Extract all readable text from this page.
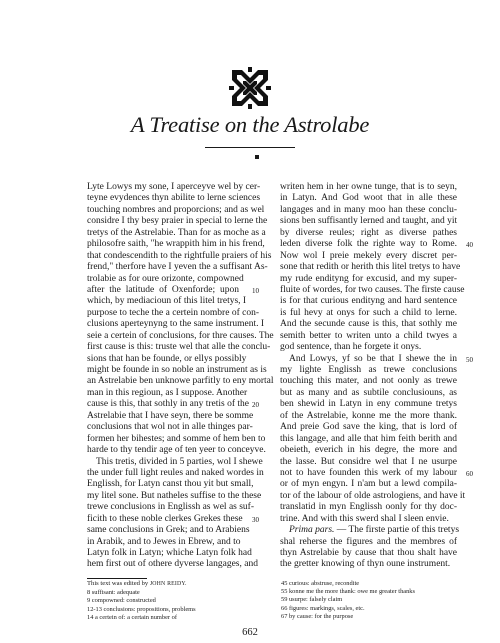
A Treatise on the Astrolabe
Lyte Lowys my sone, I aperceyve wel by cer-
teyne evydences thyn abilite to lerne sciences
touching nombres and proporcions; and as wel
considre I thy besy praier in special to lerne the
tretys of the Astrelabie. Than for as moche as a
philosofre saith, "he wrappith him in his frend,
that condescendith to the rightfulle praiers of his
frend," therfore have I yeven the a suffisant As-
trolabie as for oure orizonte, compowned
after the latitude of Oxenforde; upon 10
which, by mediacioun of this litel tretys, I
purpose to teche the a certein nombre of con-
clusions aperteynyng to the same instrument. I
seie a certein of conclusions, for thre causes. The
first cause is this: truste wel that alle the conclu-
sions that han be founde, or ellys possibly
might be founde in so noble an instrument as is
an Astrelabie ben unknowe parfitly to eny mortal
man in this regioun, as I suppose. Another
cause is this, that sothly in any tretis of the 20
Astrelabie that I have seyn, there be somme
conclusions that wol not in alle thinges par-
formen her bihestes; and somme of hem ben to
harde to thy tendir age of ten yeer to conceyve.
This tretis, divided in 5 parties, wol I shewe
the under full light reules and naked wordes in
Englissh, for Latyn canst thou yit but small,
my litel sone. But natheles suffise to the these
trewe conclusions in Englissh as wel as suf-
ficith to these noble clerkes Grekes these 30
same conclusions in Grek; and to Arabiens
in Arabik, and to Jewes in Ebrew, and to
Latyn folk in Latyn; whiche Latyn folk had
hem first out of othere dyverse langages, and
writen hem in her owne tunge, that is to seyn,
in Latyn. And God woot that in alle these
langages and in many moo han these conclu-
sions ben suffisantly lerned and taught, and yit
by diverse reules; right as diverse pathes
leden diverse folk the righte way to Rome. 40
Now wol I preie mekely every discret per-
sone that redith or herith this litel tretys to have
my rude endityng for excusid, and my super-
fluite of wordes, for two causes. The firste cause
is for that curious endityng and hard sentence
is ful hevy at onys for such a child to lerne.
And the secunde cause is this, that sothly me
semith better to writen unto a child twyes a
god sentence, than he forgete it onys.
And Lowys, yf so be that I shewe the in 50
my lighte Englissh as trewe conclusions
touching this mater, and not oonly as trewe
but as many and as subtile conclusiouns, as
ben shewid in Latyn in eny commune tretys
of the Astrelabie, konne me the more thank.
And preie God save the king, that is lord of
this langage, and alle that him feith berith and
obeieth, everich in his degre, the more and
the lasse. But considre wel that I ne usurpe
not to have founden this werk of my labour 60
or of myn engyn. I n'am but a lewd compila-
tor of the labour of olde astrologiens, and have it
translatid in myn Englissh oonly for thy doc-
trine. And with this swerd shal I sleen envie.
Prima pars. — The firste partie of this tretys
shal reherse the figures and the membres of
thyn Astrelabie by cause that thou shalt have
the gretter knowing of thyn oune instrument.
This text was edited by JOHN REIDY.
8 suffisant: adequate
9 compowned: constructed
12-13 conclusions: propositions, problems
14 a certein of: a certain number of
45 curious: abstruse, recondite
55 konne me the more thank: owe me greater thanks
59 usurpe: falsely claim
66 figures: markings, scales, etc.
67 by cause: for the purpose
662
